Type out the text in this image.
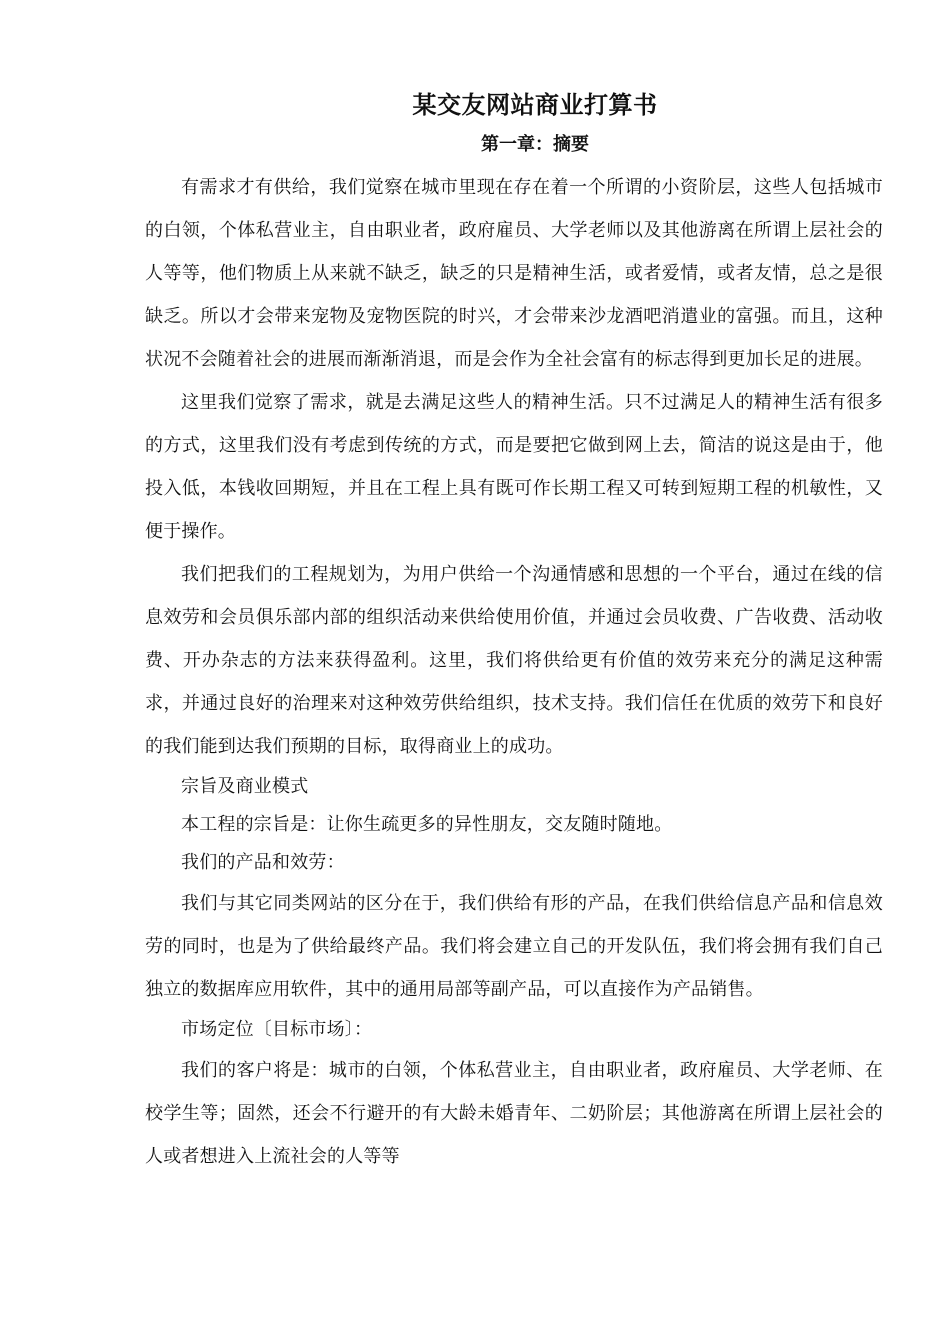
某交友网站商业打算书
第一章：摘要

有需求才有供给，我们觉察在城市里现在存在着一个所谓的小资阶层，这些人包括城市的白领，个体私营业主，自由职业者，政府雇员、大学老师以及其他游离在所谓上层社会的人等等，他们物质上从来就不缺乏，缺乏的只是精神生活，或者爱情，或者友情，总之是很缺乏。所以才会带来宠物及宠物医院的时兴，才会带来沙龙酒吧消遣业的富强。而且，这种状况不会随着社会的进展而渐渐消退，而是会作为全社会富有的标志得到更加长足的进展。

这里我们觉察了需求，就是去满足这些人的精神生活。只不过满足人的精神生活有很多的方式，这里我们没有考虑到传统的方式，而是要把它做到网上去，简洁的说这是由于，他投入低，本钱收回期短，并且在工程上具有既可作长期工程又可转到短期工程的机敏性，又便于操作。

我们把我们的工程规划为，为用户供给一个沟通情感和思想的一个平台，通过在线的信息效劳和会员俱乐部内部的组织活动来供给使用价值，并通过会员收费、广告收费、活动收费、开办杂志的方法来获得盈利。这里，我们将供给更有价值的效劳来充分的满足这种需求，并通过良好的治理来对这种效劳供给组织，技术支持。我们信任在优质的效劳下和良好的我们能到达我们预期的目标，取得商业上的成功。

宗旨及商业模式

本工程的宗旨是：让你生疏更多的异性朋友，交友随时随地。

我们的产品和效劳：

我们与其它同类网站的区分在于，我们供给有形的产品，在我们供给信息产品和信息效劳的同时，也是为了供给最终产品。我们将会建立自己的开发队伍，我们将会拥有我们自己独立的数据库应用软件，其中的通用局部等副产品，可以直接作为产品销售。

市场定位〔目标市场〕：

我们的客户将是：城市的白领，个体私营业主，自由职业者，政府雇员、大学老师、在校学生等；固然，还会不行避开的有大龄未婚青年、二奶阶层；其他游离在所谓上层社会的人或者想进入上流社会的人等等
